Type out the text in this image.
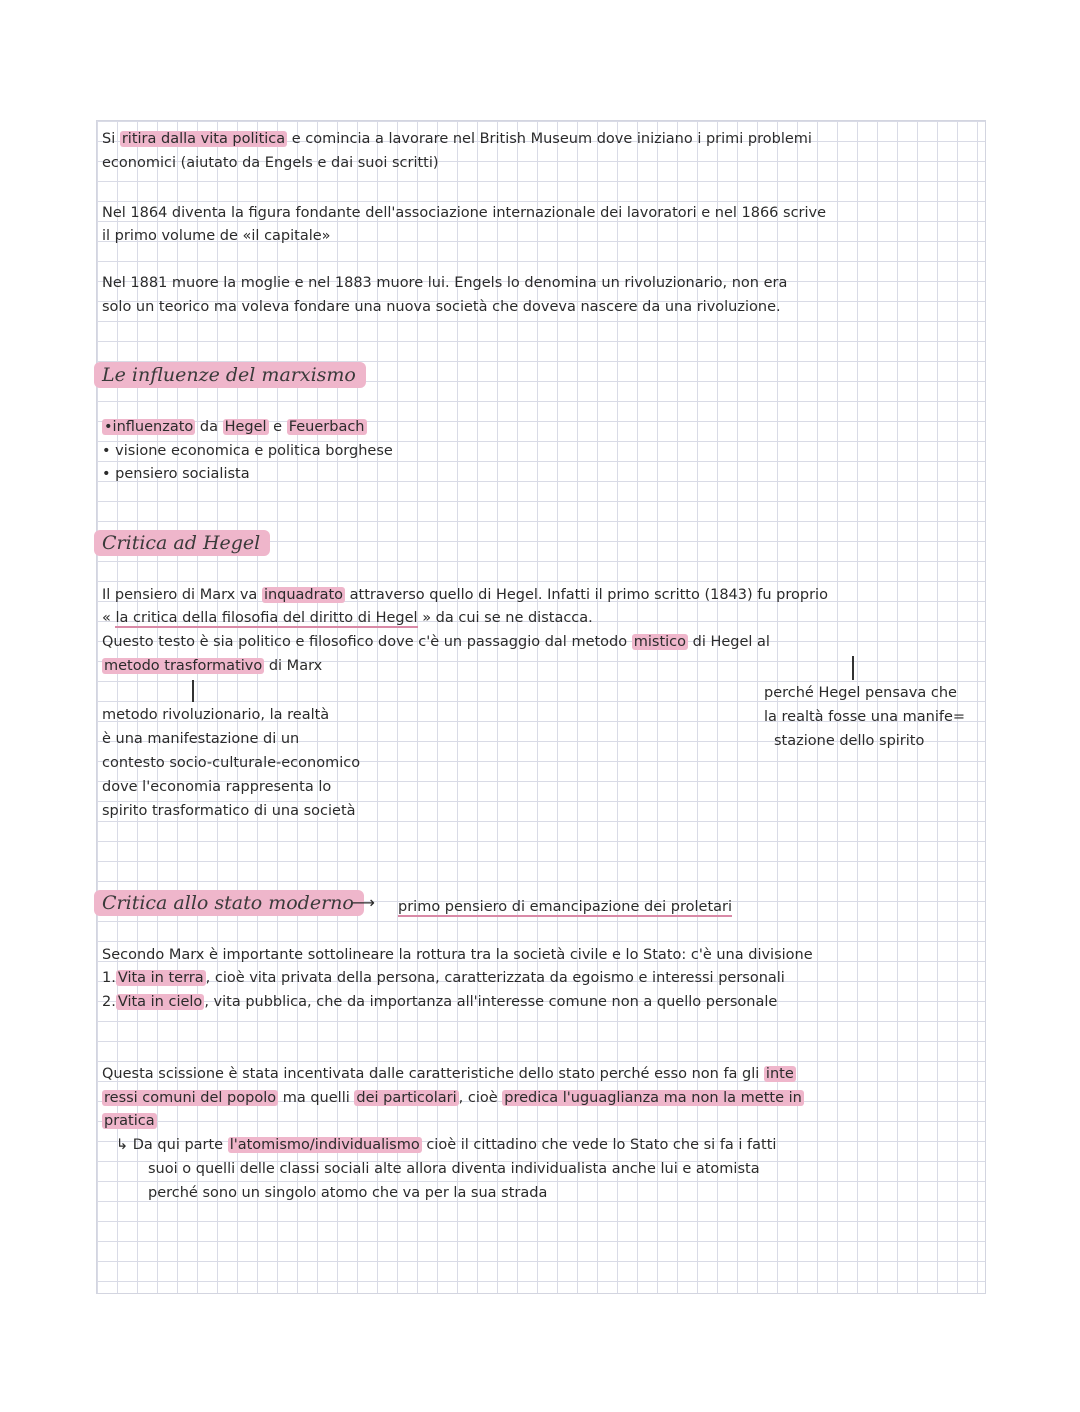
Si ritira dalla vita politica e comincia a lavorare nel British Museum dove iniziano i primi problemi
economici (aiutato da Engels e dai suoi scritti)
Nel 1864 diventa la figura fondante dell'associazione internazionale dei lavoratori e nel 1866 scrive
il primo volume de «il capitale»
Nel 1881 muore la moglie e nel 1883 muore lui. Engels lo denomina un rivoluzionario, non era
solo un teorico ma voleva fondare una nuova società che doveva nascere da una rivoluzione.
Le influenze del marxismo
•influenzato da Hegel e Feuerbach
• visione economica e politica borghese
• pensiero socialista
Critica ad Hegel
Il pensiero di Marx va inquadrato attraverso quello di Hegel. Infatti il primo scritto (1843) fu proprio
« la critica della filosofia del diritto di Hegel » da cui se ne distacca.
Questo testo è sia politico e filosofico dove c'è un passaggio dal metodo mistico di Hegel al
metodo trasformativo di Marx
metodo rivoluzionario, la realtà
è una manifestazione di un
contesto socio-culturale-economico
dove l'economia rappresenta lo
spirito trasformatico di una società
perché Hegel pensava che
la realtà fosse una manife=
stazione dello spirito
Critica allo stato moderno
⟶ primo pensiero di emancipazione dei proletari
Secondo Marx è importante sottolineare la rottura tra la società civile e lo Stato: c'è una divisione
1. Vita in terra , cioè vita privata della persona, caratterizzata da egoismo e interessi personali
2. Vita in cielo , vita pubblica, che da importanza all'interesse comune non a quello personale
Questa scissione è stata incentivata dalle caratteristiche dello stato perché esso non fa gli inte
ressi comuni del popolo ma quelli dei particolari , cioè predica l'uguaglianza ma non la mette in
pratica
↳ Da qui parte l'atomismo/individualismo cioè il cittadino che vede lo Stato che si fa i fatti
suoi o quelli delle classi sociali alte allora diventa individualista anche lui e atomista
perché sono un singolo atomo che va per la sua strada
